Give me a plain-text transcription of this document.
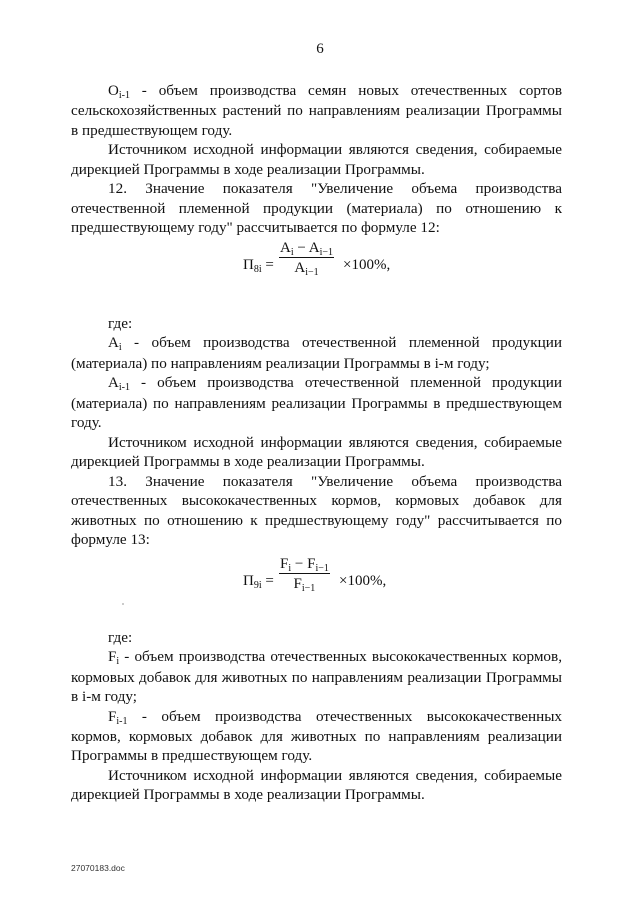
6

$O_{i-1}$ - объем производства семян новых отечественных сортов сельскохозяйственных растений по направлениям реализации Программы в предшествующем году.

Источником исходной информации являются сведения, собираемые дирекцией Программы в ходе реализации Программы.

12. Значение показателя "Увеличение объема производства отечественной племенной продукции (материала) по отношению к предшествующему году" рассчитывается по формуле 12:

$П_{8i} = \frac{A_i - A_{i-1}}{A_{i-1}} \times 100\%$,

где:

$A_i$ - объем производства отечественной племенной продукции (материала) по направлениям реализации Программы в i-м году;

$A_{i-1}$ - объем производства отечественной племенной продукции (материала) по направлениям реализации Программы в предшествующем году.

Источником исходной информации являются сведения, собираемые дирекцией Программы в ходе реализации Программы.

13. Значение показателя "Увеличение объема производства отечественных высококачественных кормов, кормовых добавок для животных по отношению к предшествующему году" рассчитывается по формуле 13:

$П_{9i} = \frac{F_i - F_{i-1}}{F_{i-1}} \times 100\%$,

где:

$F_i$ - объем производства отечественных высококачественных кормов, кормовых добавок для животных по направлениям реализации Программы в i-м году;

$F_{i-1}$ - объем производства отечественных высококачественных кормов, кормовых добавок для животных по направлениям реализации Программы в предшествующем году.

Источником исходной информации являются сведения, собираемые дирекцией Программы в ходе реализации Программы.

27070183.doc
